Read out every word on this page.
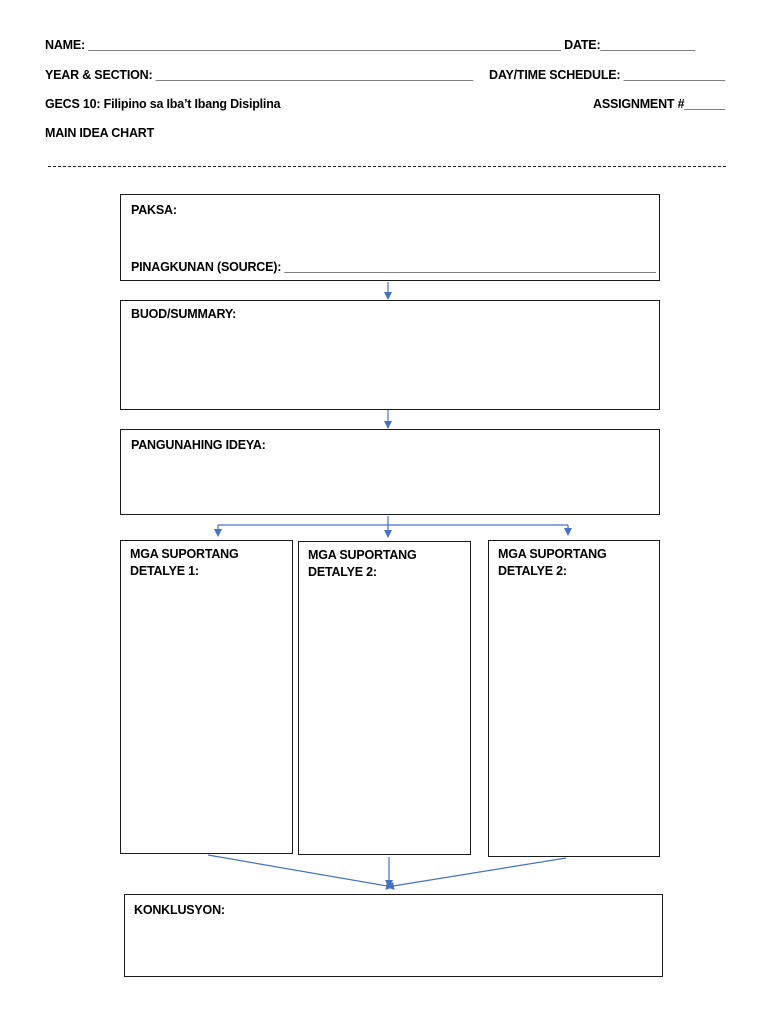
NAME: ______________________________________________________________________ DATE:______________
YEAR & SECTION: _______________________________________________ DAY/TIME SCHEDULE: _______________
GECS 10: Filipino sa Iba’t Ibang Disiplina	ASSIGNMENT #______
MAIN IDEA CHART
PAKSA:
PINAGKUNAN (SOURCE): _______________________________________________________
BUOD/SUMMARY:
PANGUNAHING IDEYA:
MGA SUPORTANG
DETALYE 1:
MGA SUPORTANG
DETALYE 2:
MGA SUPORTANG
DETALYE 2:
KONKLUSYON:
